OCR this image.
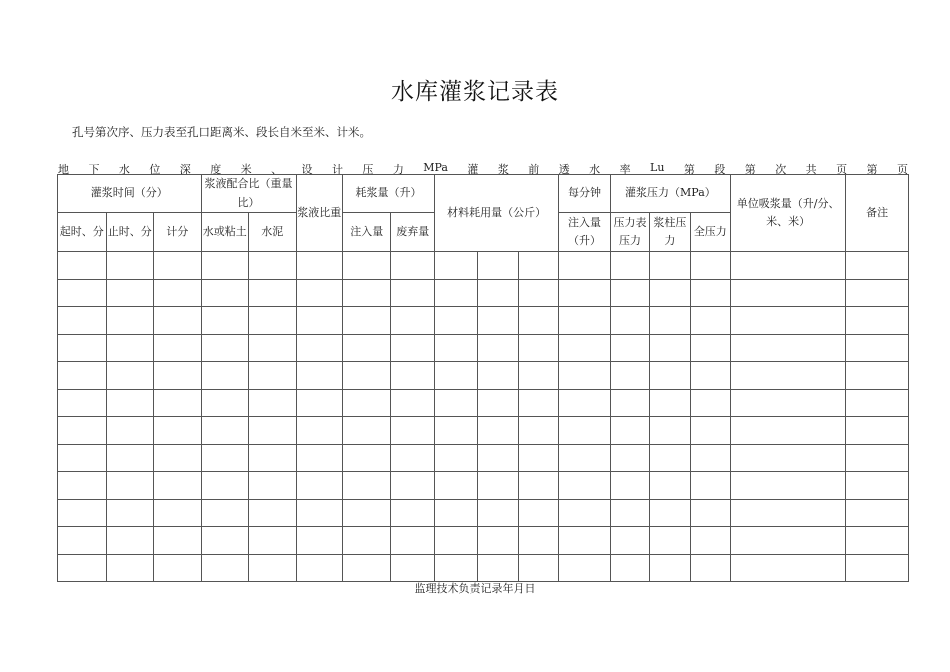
水库灌浆记录表
孔号第次序、压力表至孔口距离米、段长自米至米、计米。
地 下 水 位 深 度 米 、 设 计 压 力 MPa 灌 浆 前 透 水 率 Lu 第 段 第 次 共 页 第 页
灌浆时间（分）			浆液配合比（重量比）		浆液比重	耗浆量（升）		材料耗用量（公斤）			每分钟	灌浆压力（MPa）			单位吸浆量（升/分、米、米）	备注
起时、分	止时、分	计分	水或粘土	水泥		注入量	废弃量				注入量（升）	压力表压力	浆柱压力	全压力		

监理技术负责记录年月日
